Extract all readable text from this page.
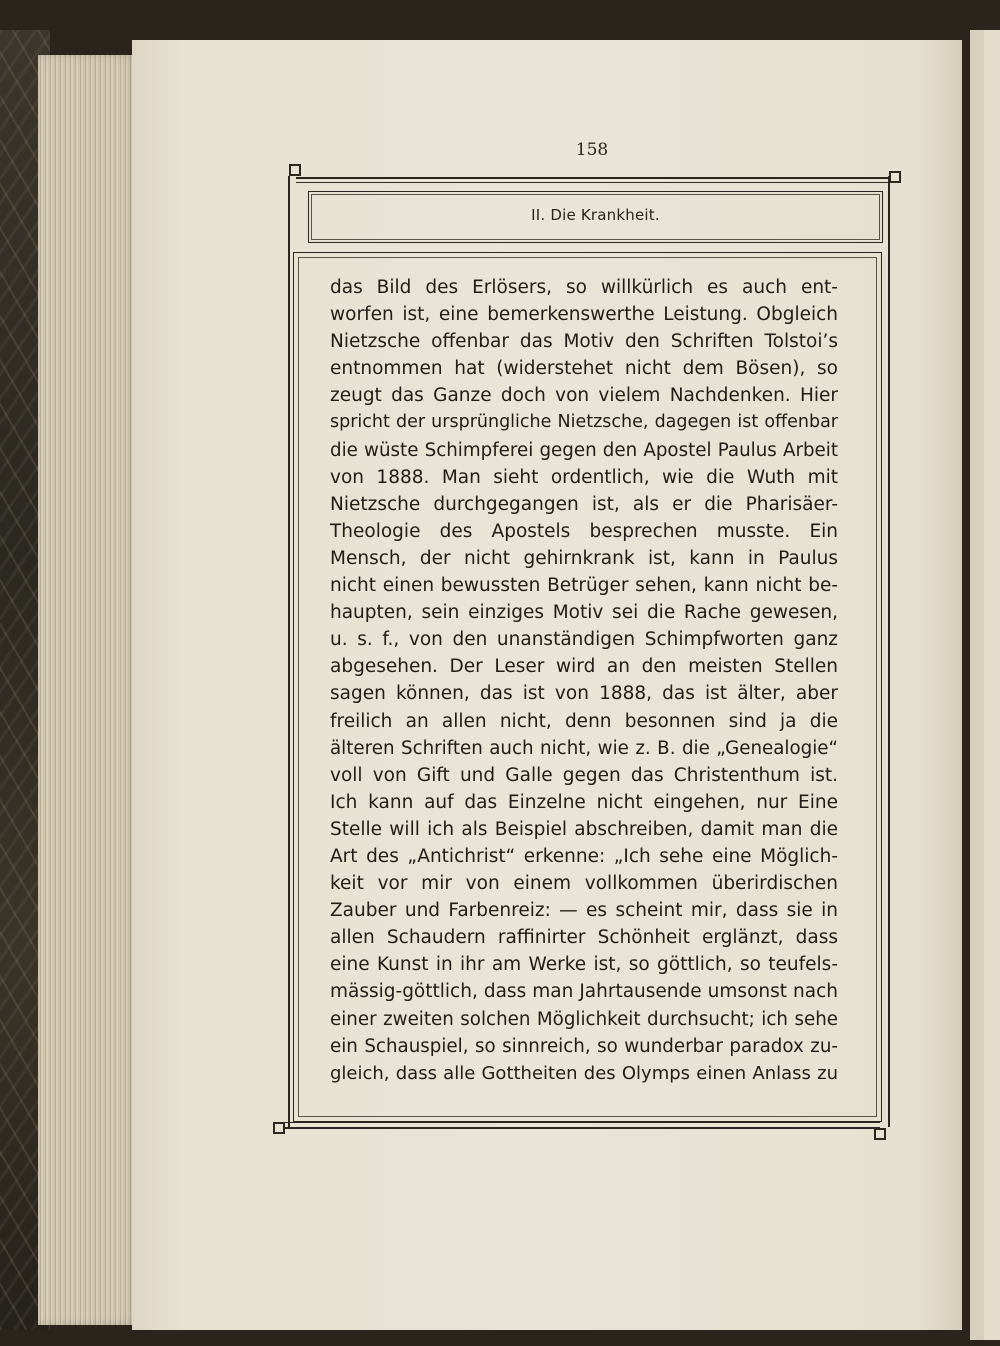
158
II. Die Krankheit.
das Bild des Erlösers, so willkürlich es auch ent-
worfen ist, eine bemerkenswerthe Leistung. Obgleich
Nietzsche offenbar das Motiv den Schriften Tolstoi’s
entnommen hat (widerstehet nicht dem Bösen), so
zeugt das Ganze doch von vielem Nachdenken. Hier
spricht der ursprüngliche Nietzsche, dagegen ist offenbar
die wüste Schimpferei gegen den Apostel Paulus Arbeit
von 1888. Man sieht ordentlich, wie die Wuth mit
Nietzsche durchgegangen ist, als er die Pharisäer-
Theologie des Apostels besprechen musste. Ein
Mensch, der nicht gehirnkrank ist, kann in Paulus
nicht einen bewussten Betrüger sehen, kann nicht be-
haupten, sein einziges Motiv sei die Rache gewesen,
u. s. f., von den unanständigen Schimpfworten ganz
abgesehen. Der Leser wird an den meisten Stellen
sagen können, das ist von 1888, das ist älter, aber
freilich an allen nicht, denn besonnen sind ja die
älteren Schriften auch nicht, wie z. B. die „Genealogie“
voll von Gift und Galle gegen das Christenthum ist.
Ich kann auf das Einzelne nicht eingehen, nur Eine
Stelle will ich als Beispiel abschreiben, damit man die
Art des „Antichrist“ erkenne: „Ich sehe eine Möglich-
keit vor mir von einem vollkommen überirdischen
Zauber und Farbenreiz: — es scheint mir, dass sie in
allen Schaudern raffinirter Schönheit erglänzt, dass
eine Kunst in ihr am Werke ist, so göttlich, so teufels-
mässig-göttlich, dass man Jahrtausende umsonst nach
einer zweiten solchen Möglichkeit durchsucht; ich sehe
ein Schauspiel, so sinnreich, so wunderbar paradox zu-
gleich, dass alle Gottheiten des Olymps einen Anlass zu
